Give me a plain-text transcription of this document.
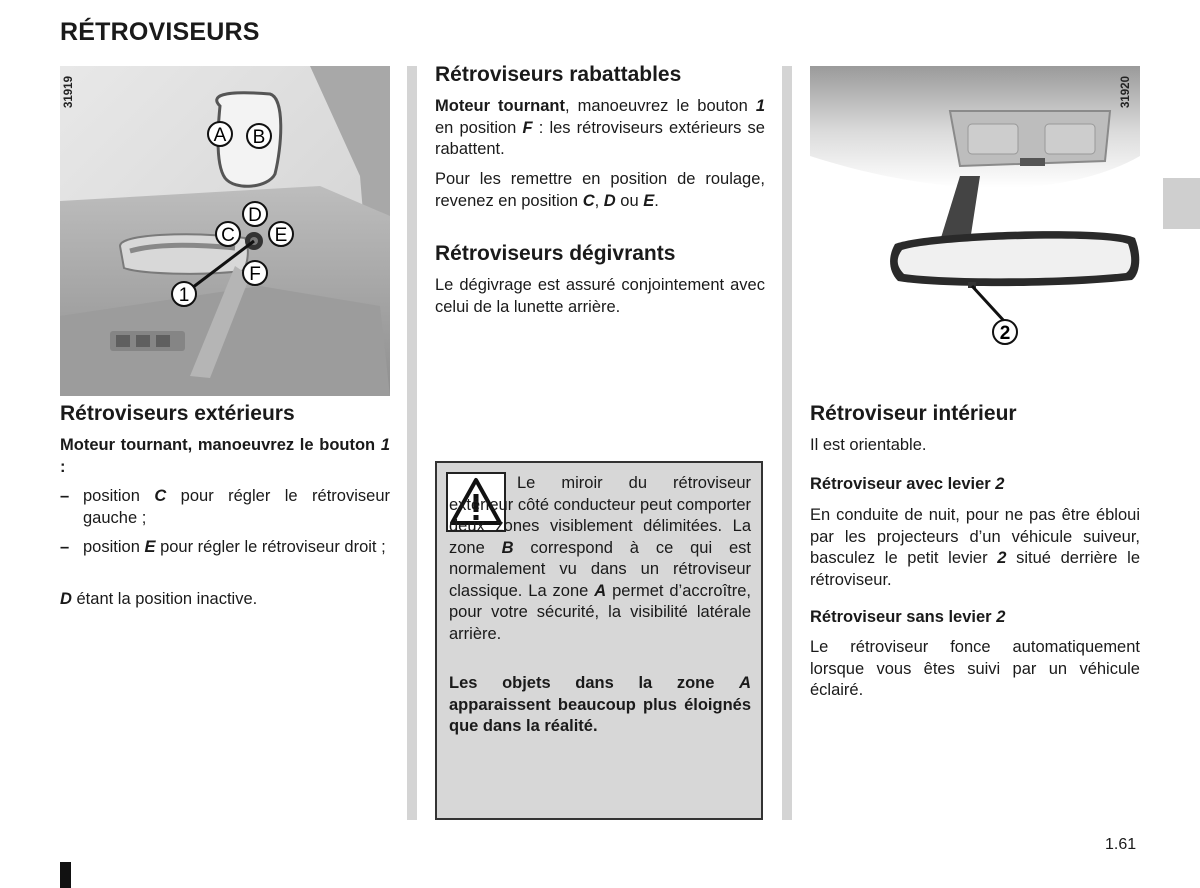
RÉTROVISEURS
A B
D
C E
F
1
31919
Rétroviseurs extérieurs

Moteur tournant, manoeuvrez le bouton 1 :

– position C pour régler le rétroviseur gauche ;
– position E pour régler le rétroviseur droit ;

D étant la position inactive.

Rétroviseurs rabattables

Moteur tournant, manoeuvrez le bouton 1 en position F : les rétroviseurs extérieurs se rabattent.

Pour les remettre en position de roulage, revenez en position C, D ou E.

Rétroviseurs dégivrants

Le dégivrage est assuré conjointement avec celui de la lunette arrière.

Le miroir du rétroviseur extérieur côté conducteur peut comporter deux zones visiblement délimitées. La zone B correspond à ce qui est normalement vu dans un rétroviseur classique. La zone A permet d’accroître, pour votre sécurité, la visibilité latérale arrière.

Les objets dans la zone A apparaissent beaucoup plus éloignés que dans la réalité.

2
31920
Rétroviseur intérieur

Il est orientable.

Rétroviseur avec levier 2

En conduite de nuit, pour ne pas être ébloui par les projecteurs d’un véhicule suiveur, basculez le petit levier 2 situé derrière le rétroviseur.

Rétroviseur sans levier 2

Le rétroviseur fonce automatiquement lorsque vous êtes suivi par un véhicule éclairé.

1.61
